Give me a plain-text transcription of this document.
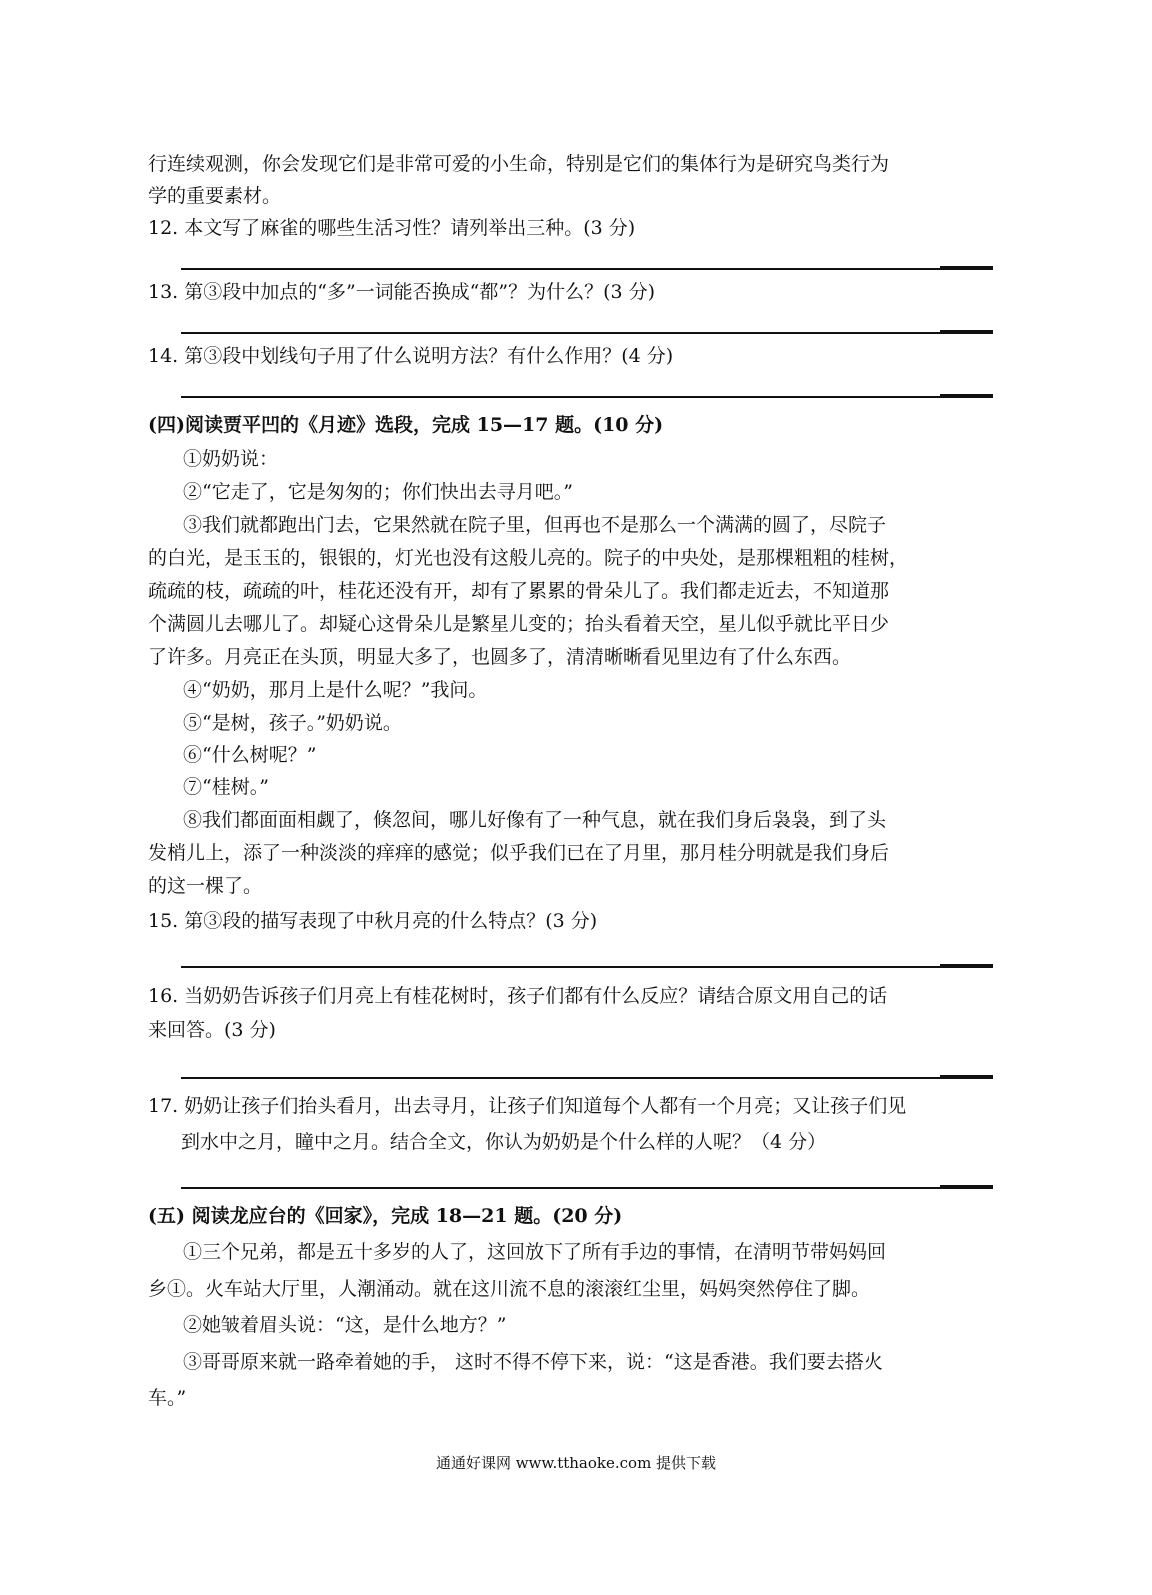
行连续观测，你会发现它们是非常可爱的小生命，特别是它们的集体行为是研究鸟类行为
学的重要素材。
12. 本文写了麻雀的哪些生活习性？请列举出三种。(3 分)
13. 第③段中加点的“多”一词能否换成“都”？为什么？(3 分)
14. 第③段中划线句子用了什么说明方法？有什么作用？(4 分)
(四)阅读贾平凹的《月迹》选段，完成 15—17 题。(10 分)
①奶奶说：
②“它走了，它是匆匆的；你们快出去寻月吧。”
③我们就都跑出门去，它果然就在院子里，但再也不是那么一个满满的圆了，尽院子
的白光，是玉玉的，银银的，灯光也没有这般儿亮的。院子的中央处，是那棵粗粗的桂树，
疏疏的枝，疏疏的叶，桂花还没有开，却有了累累的骨朵儿了。我们都走近去，不知道那
个满圆儿去哪儿了。却疑心这骨朵儿是繁星儿变的；抬头看着天空，星儿似乎就比平日少
了许多。月亮正在头顶，明显大多了，也圆多了，清清晰晰看见里边有了什么东西。
④“奶奶，那月上是什么呢？”我问。
⑤“是树，孩子。”奶奶说。
⑥“什么树呢？”
⑦“桂树。”
⑧我们都面面相觑了，倏忽间，哪儿好像有了一种气息，就在我们身后袅袅，到了头
发梢儿上，添了一种淡淡的痒痒的感觉；似乎我们已在了月里，那月桂分明就是我们身后
的这一棵了。
15. 第③段的描写表现了中秋月亮的什么特点？(3 分)
16. 当奶奶告诉孩子们月亮上有桂花树时，孩子们都有什么反应？请结合原文用自己的话
来回答。(3 分)
17. 奶奶让孩子们抬头看月，出去寻月，让孩子们知道每个人都有一个月亮；又让孩子们见
到水中之月，瞳中之月。结合全文，你认为奶奶是个什么样的人呢？（4 分）
(五) 阅读龙应台的《回家》，完成 18—21 题。(20 分)
①三个兄弟，都是五十多岁的人了，这回放下了所有手边的事情，在清明节带妈妈回
乡①。火车站大厅里，人潮涌动。就在这川流不息的滚滚红尘里，妈妈突然停住了脚。
②她皱着眉头说：“这，是什么地方？”
③哥哥原来就一路牵着她的手， 这时不得不停下来，说：“这是香港。我们要去搭火
车。”
通通好课网 www.tthaoke.com 提供下载
